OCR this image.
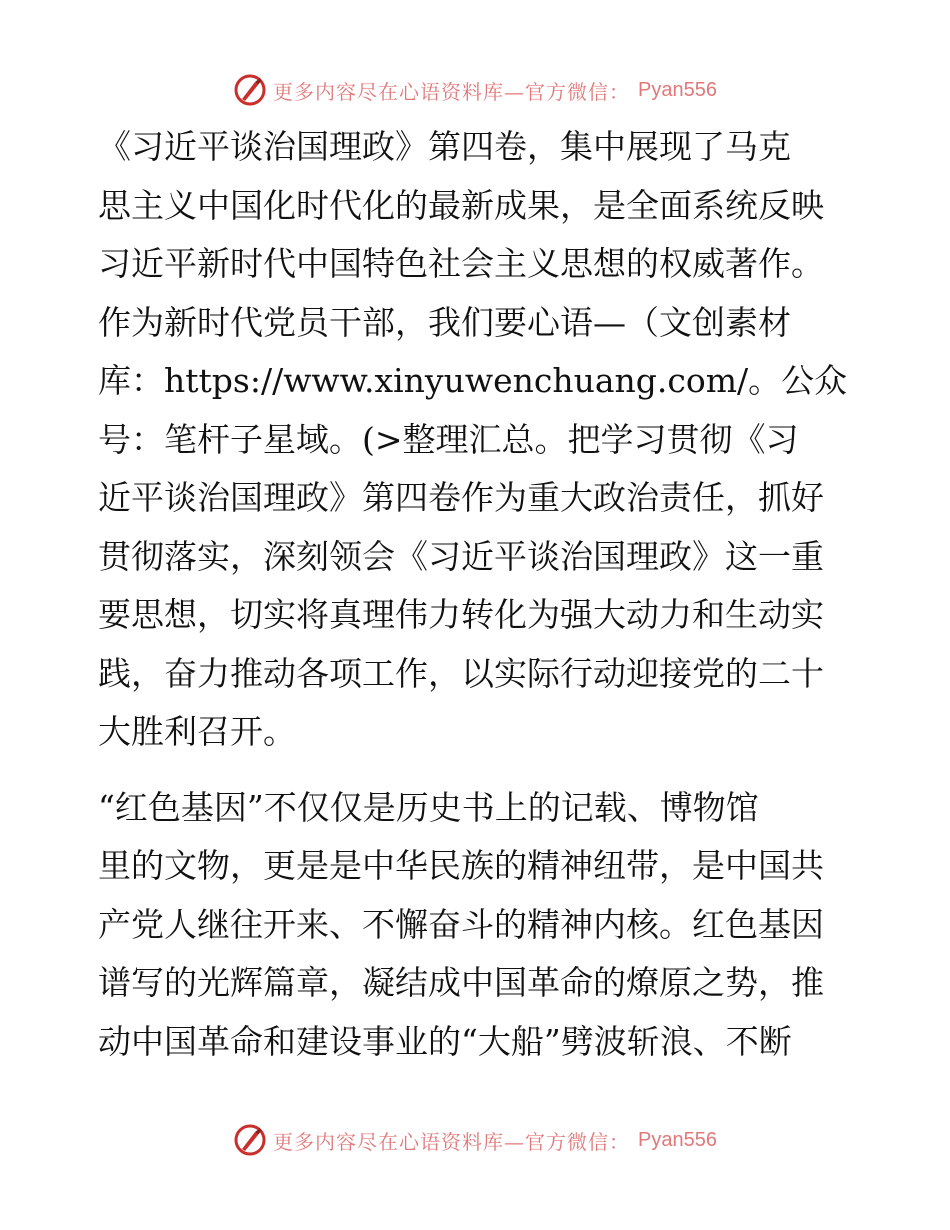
更多内容尽在心语资料库—官方微信： Pyan556

《习近平谈治国理政》第四卷，集中展现了马克
思主义中国化时代化的最新成果，是全面系统反映
习近平新时代中国特色社会主义思想的权威著作。
作为新时代党员干部，我们要心语—（文创素材
库：https://www.xinyuwenchuang.com/。公众
号：笔杆子星域。(>整理汇总。把学习贯彻《习
近平谈治国理政》第四卷作为重大政治责任，抓好
贯彻落实，深刻领会《习近平谈治国理政》这一重
要思想，切实将真理伟力转化为强大动力和生动实
践，奋力推动各项工作，以实际行动迎接党的二十
大胜利召开。

“红色基因”不仅仅是历史书上的记载、博物馆
里的文物，更是是中华民族的精神纽带，是中国共
产党人继往开来、不懈奋斗的精神内核。红色基因
谱写的光辉篇章，凝结成中国革命的燎原之势，推
动中国革命和建设事业的“大船”劈波斩浪、不断

更多内容尽在心语资料库—官方微信： Pyan556
